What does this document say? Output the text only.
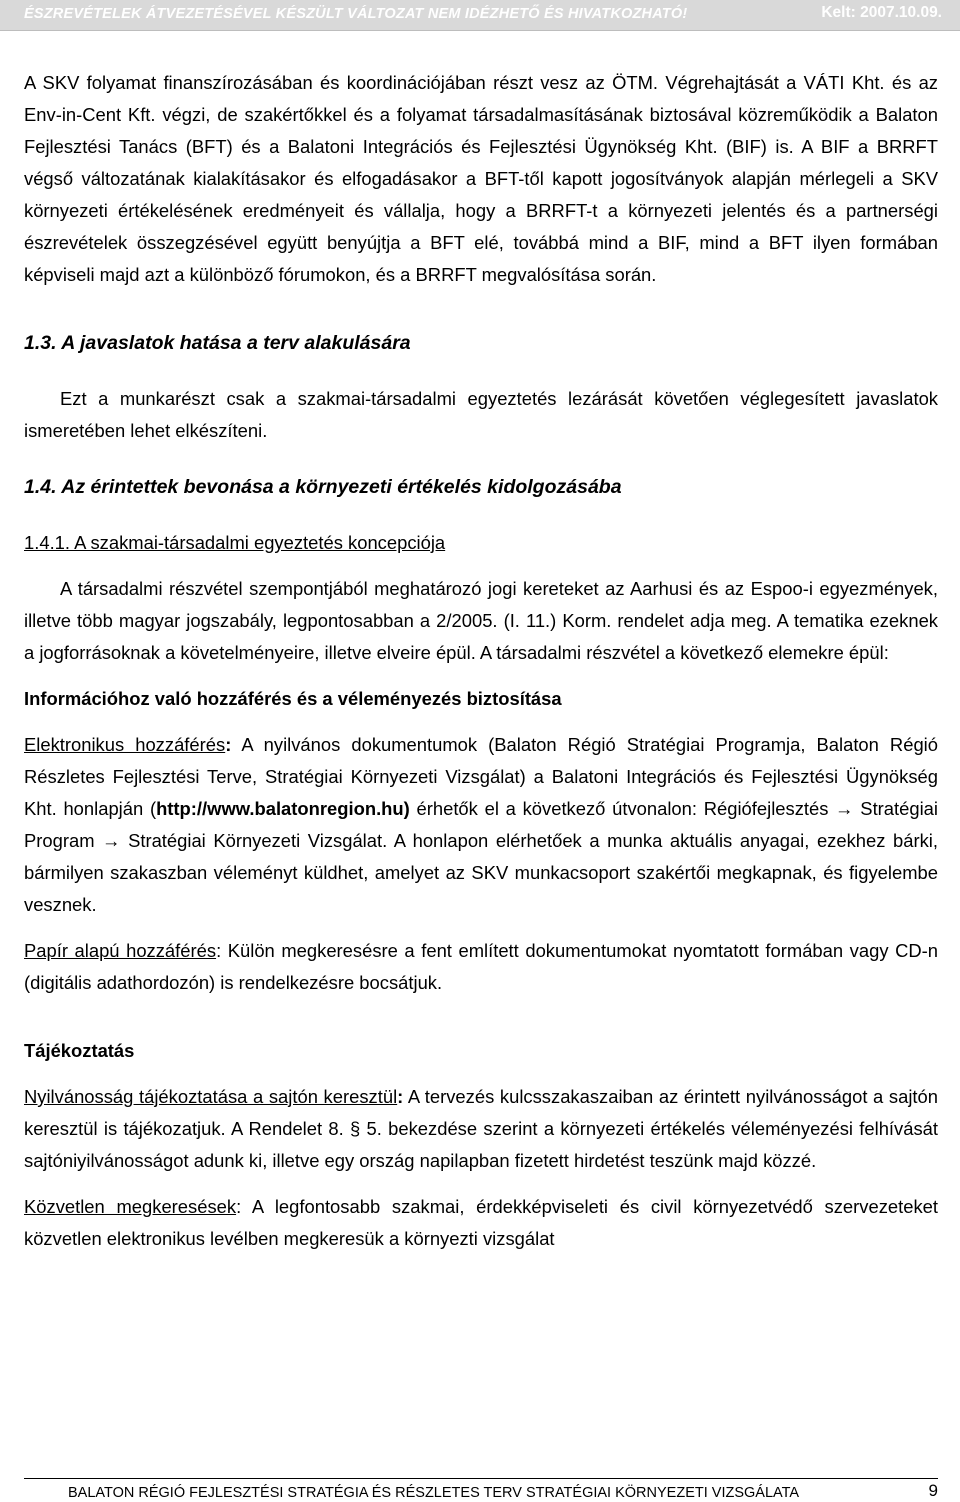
ÉSZREVÉTELEK ÁTVEZETÉSÉVEL KÉSZÜLT VÁLTOZAT NEM IDÉZHETŐ ÉS HIVATKOZHATÓ!	Kelt: 2007.10.09.

A SKV folyamat finanszírozásában és koordinációjában részt vesz az ÖTM. Végrehajtását a VÁTI Kht. és az Env-in-Cent Kft. végzi, de szakértőkkel és a folyamat társadalmasításának biztosával közreműködik a Balaton Fejlesztési Tanács (BFT) és a Balatoni Integrációs és Fejlesztési Ügynökség Kht. (BIF) is. A BIF a BRRFT végső változatának kialakításakor és elfogadásakor a BFT-től kapott jogosítványok alapján mérlegeli a SKV környezeti értékelésének eredményeit és vállalja, hogy a BRRFT-t a környezeti jelentés és a partnerségi észrevételek összegzésével együtt benyújtja a BFT elé, továbbá mind a BIF, mind a BFT ilyen formában képviseli majd azt a különböző fórumokon, és a BRRFT megvalósítása során.

1.3. A javaslatok hatása a terv alakulására

Ezt a munkarészt csak a szakmai-társadalmi egyeztetés lezárását követően véglegesített javaslatok ismeretében lehet elkészíteni.

1.4. Az érintettek bevonása a környezeti értékelés kidolgozásába

1.4.1. A szakmai-társadalmi egyeztetés koncepciója

A társadalmi részvétel szempontjából meghatározó jogi kereteket az Aarhusi és az Espoo-i egyezmények, illetve több magyar jogszabály, legpontosabban a 2/2005. (I. 11.) Korm. rendelet adja meg. A tematika ezeknek a jogforrásoknak a követelményeire, illetve elveire épül. A társadalmi részvétel a következő elemekre épül:

Információhoz való hozzáférés és a véleményezés biztosítása

Elektronikus hozzáférés: A nyilvános dokumentumok (Balaton Régió Stratégiai Programja, Balaton Régió Részletes Fejlesztési Terve, Stratégiai Környezeti Vizsgálat) a Balatoni Integrációs és Fejlesztési Ügynökség Kht. honlapján (http://www.balatonregion.hu) érhetők el a következő útvonalon: Régiófejlesztés → Stratégiai Program → Stratégiai Környezeti Vizsgálat. A honlapon elérhetőek a munka aktuális anyagai, ezekhez bárki, bármilyen szakaszban véleményt küldhet, amelyet az SKV munkacsoport szakértői megkapnak, és figyelembe vesznek.

Papír alapú hozzáférés: Külön megkeresésre a fent említett dokumentumokat nyomtatott formában vagy CD-n (digitális adathordozón) is rendelkezésre bocsátjuk.

Tájékoztatás

Nyilvánosság tájékoztatása a sajtón keresztül: A tervezés kulcsszakaszaiban az érintett nyilvánosságot a sajtón keresztül is tájékozatjuk. A Rendelet 8. § 5. bekezdése szerint a környezeti értékelés véleményezési felhívását sajtóniyilvánosságot adunk ki, illetve egy ország napilapban fizetett hirdetést teszünk majd közzé.

Közvetlen megkeresések: A legfontosabb szakmai, érdekképviseleti és civil környezetvédő szervezeteket közvetlen elektronikus levélben megkeresük a környezti vizsgálat

BALATON RÉGIÓ FEJLESZTÉSI STRATÉGIA ÉS RÉSZLETES TERV STRATÉGIAI KÖRNYEZETI VIZSGÁLATA	9
